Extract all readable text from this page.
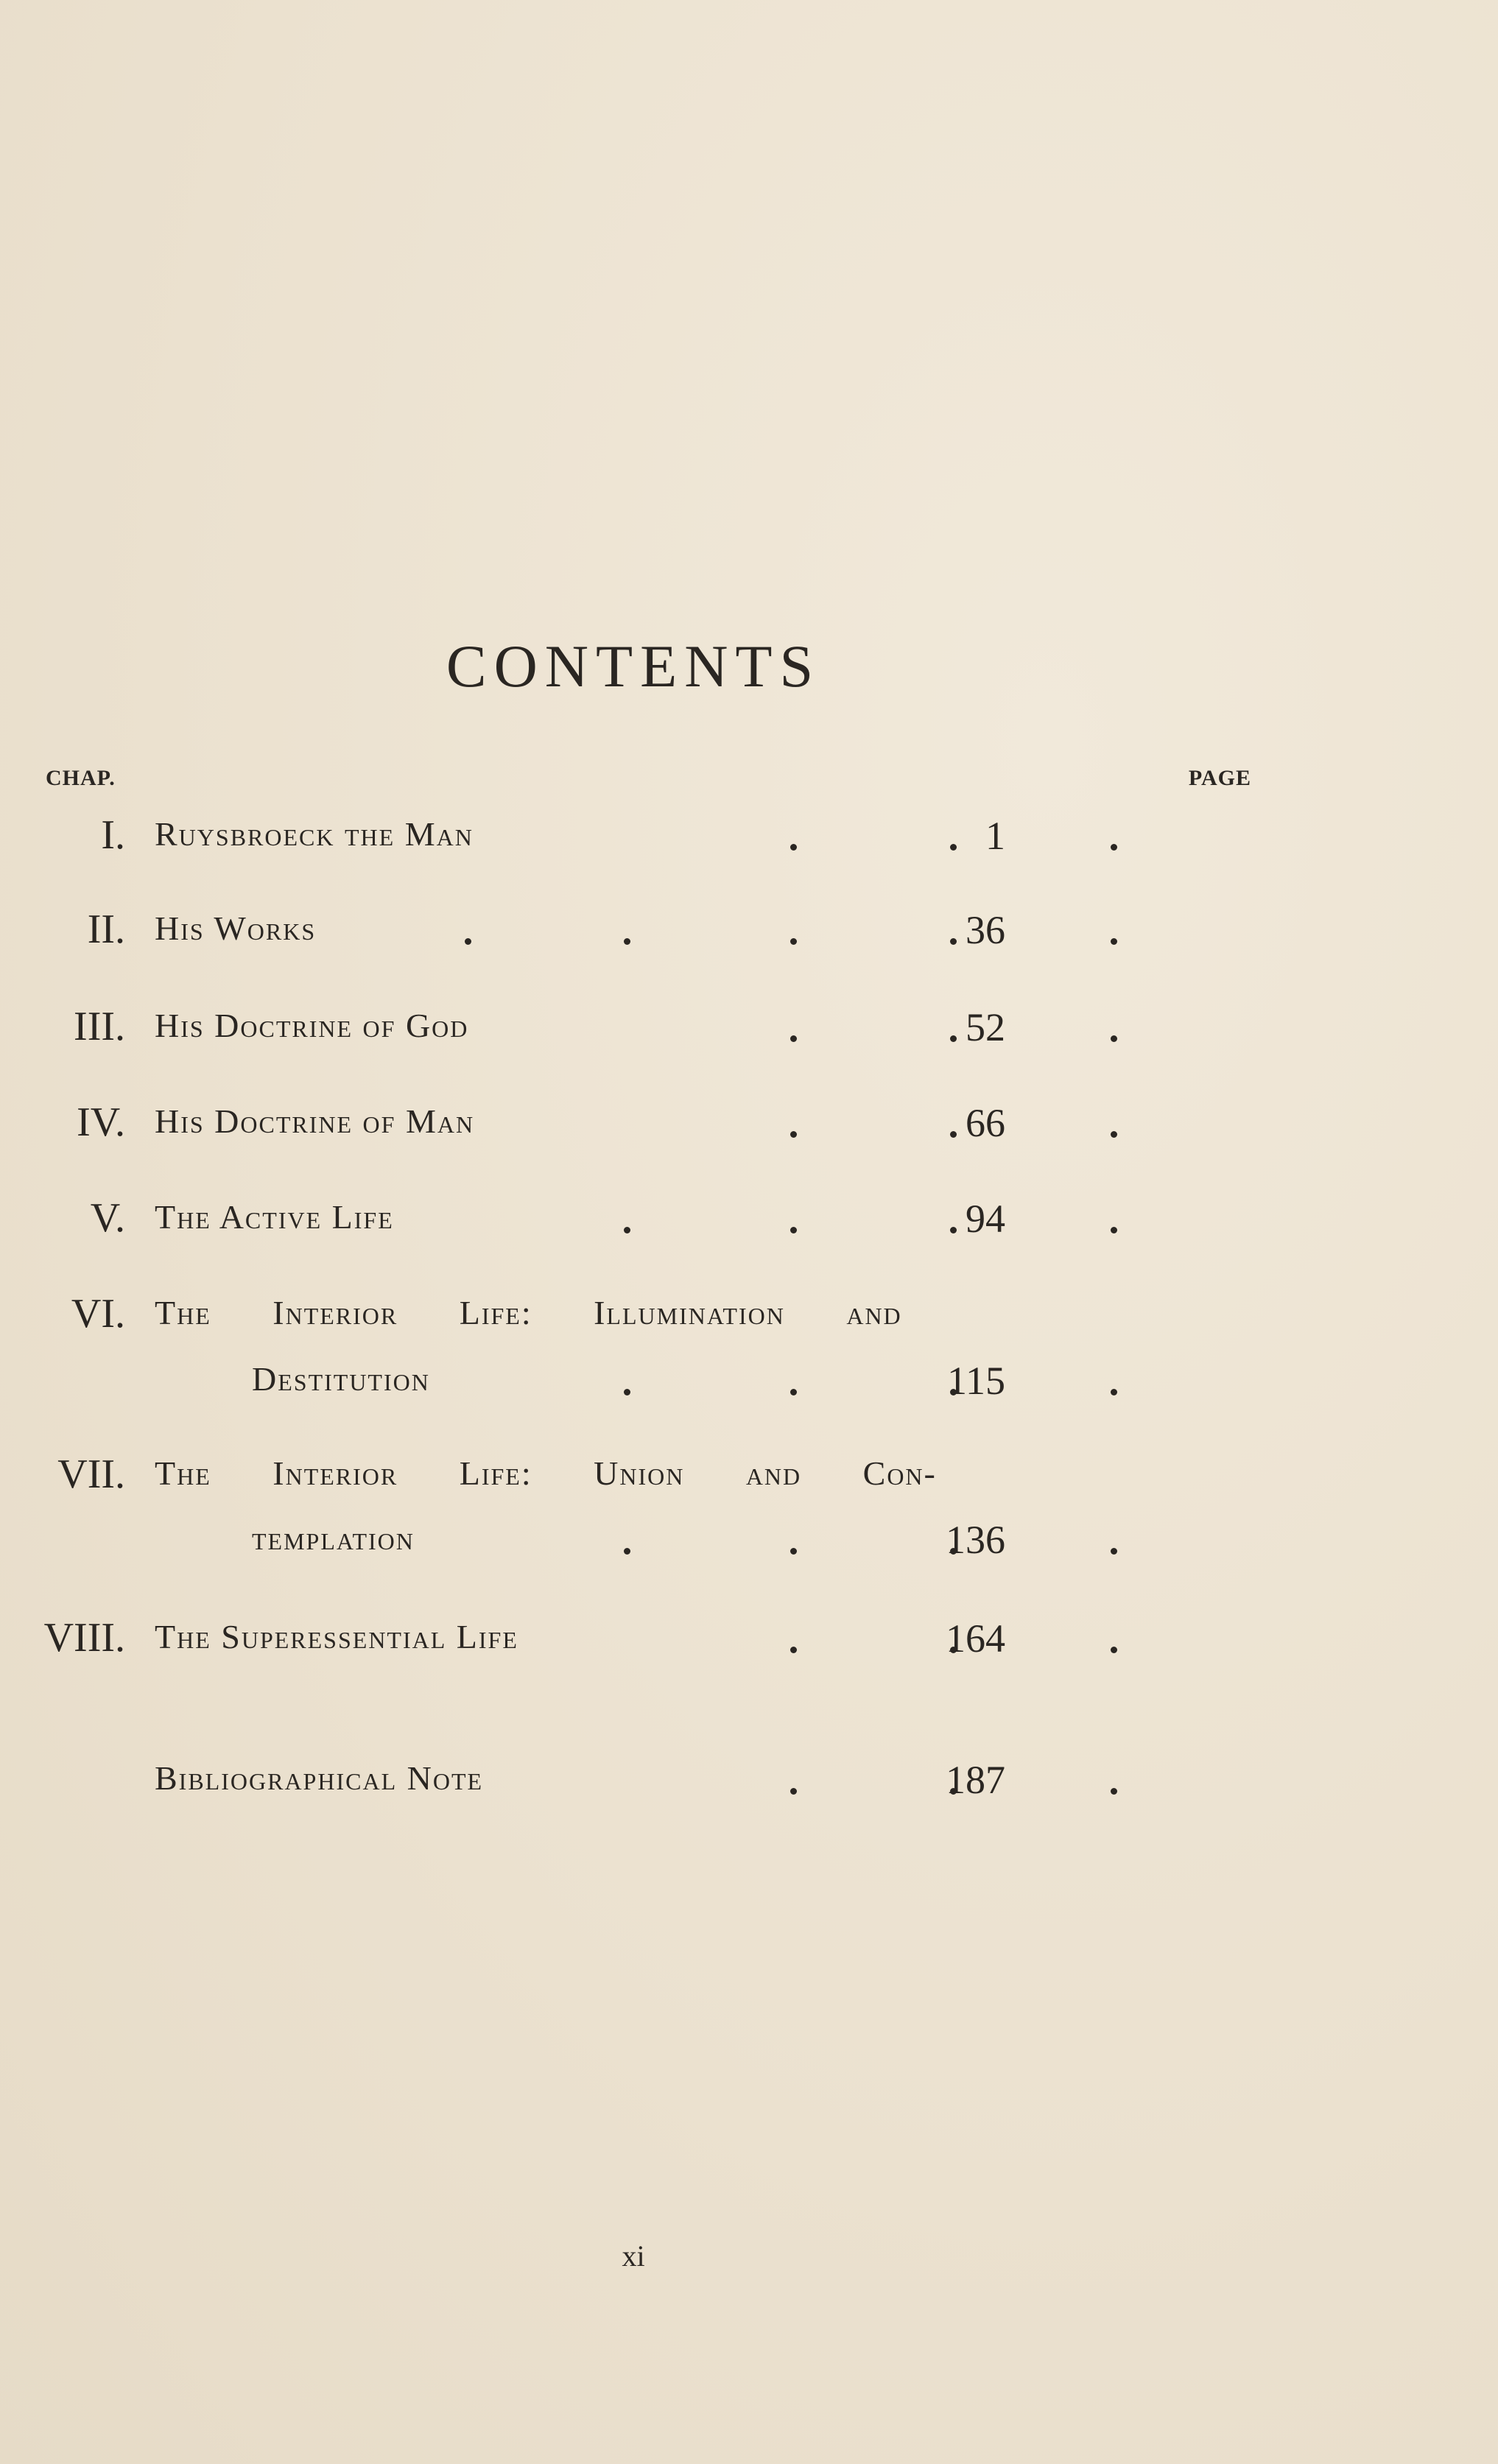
CONTENTS
CHAP.	PAGE
I. Ruysbroeck the Man	1
II. His Works	36
III. His Doctrine of God	52
IV. His Doctrine of Man	66
V. The Active Life	94
VI. The Interior Life: Illumination and
Destitution	115
VII. The Interior Life: Union and Con-
templation	136
VIII. The Superessential Life	164
Bibliographical Note	187
xi
